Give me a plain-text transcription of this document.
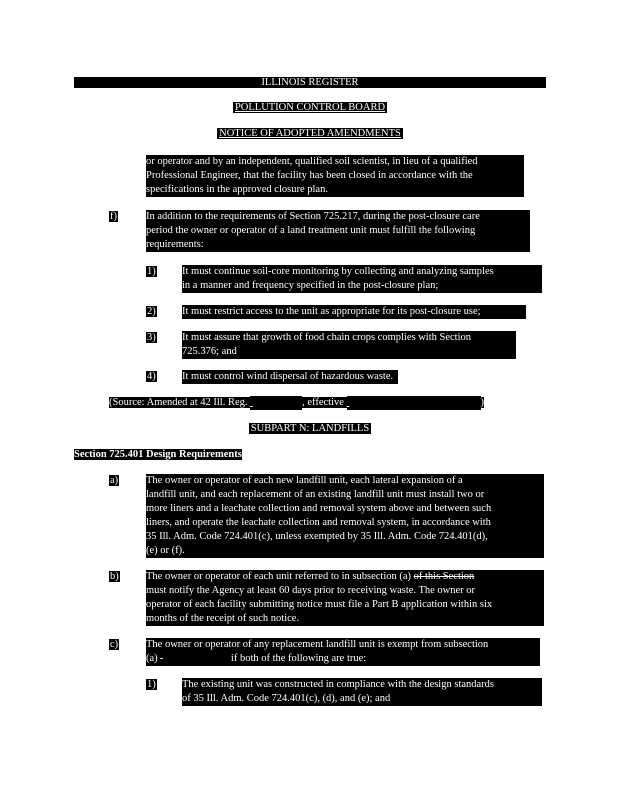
ILLINOIS REGISTER
POLLUTION CONTROL BOARD
NOTICE OF ADOPTED AMENDMENTS
or operator and by an independent, qualified soil scientist, in lieu of a qualified
Professional Engineer, that the facility has been closed in accordance with the
specifications in the approved closure plan.
f)	In addition to the requirements of Section 725.217, during the post-closure care
period the owner or operator of a land treatment unit must fulfill the following
requirements:
1)	It must continue soil-core monitoring by collecting and analyzing samples
in a manner and frequency specified in the post-closure plan;
2)	It must restrict access to the unit as appropriate for its post-closure use;
3)	It must assure that growth of food chain crops complies with Section
725.376; and
4)	It must control wind dispersal of hazardous waste.
(Source: Amended at 42 Ill. Reg.	, effective	)
SUBPART N: LANDFILLS
Section 725.401 Design Requirements
a)	The owner or operator of each new landfill unit, each lateral expansion of a
landfill unit, and each replacement of an existing landfill unit must install two or
more liners and a leachate collection and removal system above and between such
liners, and operate the leachate collection and removal system, in accordance with
35 Ill. Adm. Code 724.401(c), unless exempted by 35 Ill. Adm. Code 724.401(d),
(e) or (f).
b)	The owner or operator of each unit referred to in subsection (a) of this Section
must notify the Agency at least 60 days prior to receiving waste. The owner or
operator of each facility submitting notice must file a Part B application within six
months of the receipt of such notice.
c)	The owner or operator of any replacement landfill unit is exempt from subsection
(a)	if both of the following are true:
1)	The existing unit was constructed in compliance with the design standards
of 35 Ill. Adm. Code 724.401(c), (d), and (e); and
